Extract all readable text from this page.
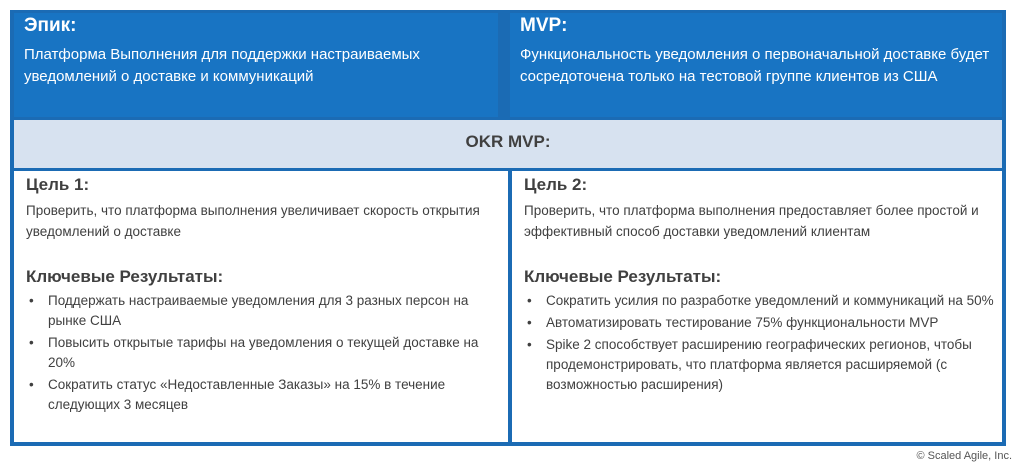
Эпик:
Платформа Выполнения для поддержки настраиваемых уведомлений о доставке и коммуникаций
MVP:
Функциональность уведомления о первоначальной доставке будет сосредоточена только на тестовой группе клиентов из США
OKR MVP:
Цель 1:
Проверить, что платформа выполнения увеличивает скорость открытия уведомлений о доставке
Ключевые Результаты:
• Поддержать настраиваемые уведомления для 3 разных персон на рынке США
• Повысить открытые тарифы на уведомления о текущей доставке на 20%
• Сократить статус «Недоставленные Заказы» на 15% в течение следующих 3 месяцев
Цель 2:
Проверить, что платформа выполнения предоставляет более простой и эффективный способ доставки уведомлений клиентам
Ключевые Результаты:
• Сократить усилия по разработке уведомлений и коммуникаций на 50%
• Автоматизировать тестирование 75% функциональности MVP
• Spike 2 способствует расширению географических регионов, чтобы продемонстрировать, что платформа является расширяемой (с возможностью расширения)
© Scaled Agile, Inc.
